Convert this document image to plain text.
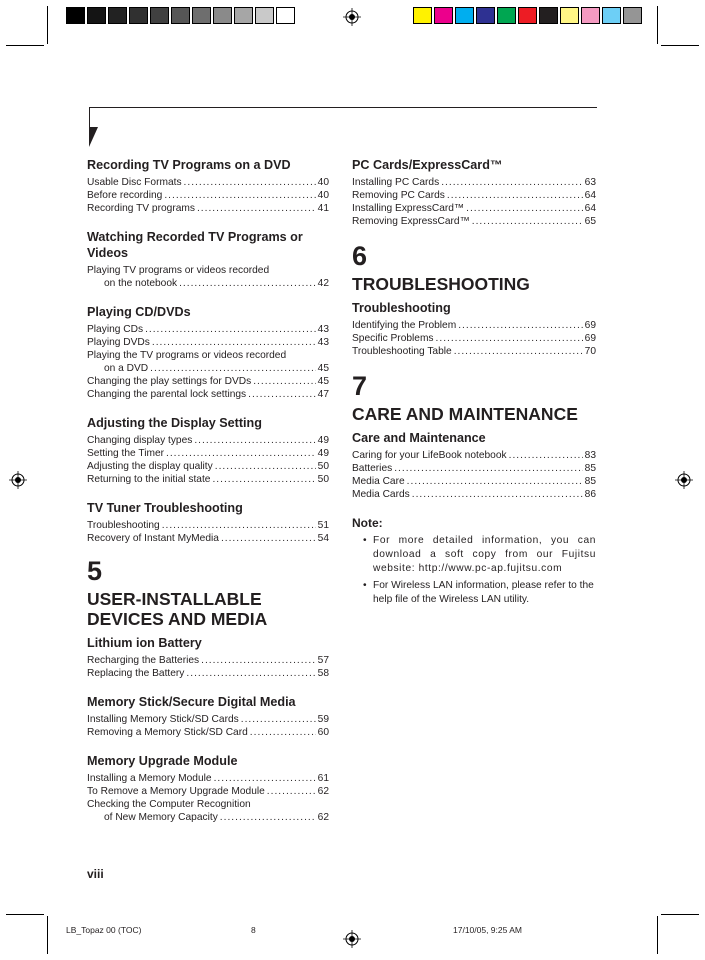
Recording TV Programs on a DVD
Usable Disc Formats .....	40
Before recording .....	40
Recording TV programs .....	41
Watching Recorded TV Programs or Videos
Playing TV programs or videos recorded
on the notebook .....	42
Playing CD/DVDs
Playing CDs .....	43
Playing DVDs .....	43
Playing the TV programs or videos recorded
on a DVD .....	45
Changing the play settings for DVDs .....	45
Changing the parental lock settings .....	47
Adjusting the Display Setting
Changing display types .....	49
Setting the Timer .....	49
Adjusting the display quality .....	50
Returning to the initial state .....	50
TV Tuner Troubleshooting
Troubleshooting .....	51
Recovery of Instant MyMedia .....	54
5
USER-INSTALLABLE DEVICES AND MEDIA
Lithium ion Battery
Recharging the Batteries .....	57
Replacing the Battery .....	58
Memory Stick/Secure Digital Media
Installing Memory Stick/SD Cards .....	59
Removing a Memory Stick/SD Card .....	60
Memory Upgrade Module
Installing a Memory Module .....	61
To Remove a Memory Upgrade Module .....	62
Checking the Computer Recognition
of New Memory Capacity .....	62
PC Cards/ExpressCard™
Installing PC Cards .....	63
Removing PC Cards .....	64
Installing ExpressCard™ .....	64
Removing ExpressCard™ .....	65
6
TROUBLESHOOTING
Troubleshooting
Identifying the Problem .....	69
Specific Problems .....	69
Troubleshooting Table .....	70
7
CARE AND MAINTENANCE
Care and Maintenance
Caring for your LifeBook notebook .....	83
Batteries .....	85
Media Care .....	85
Media Cards .....	86
Note:
• For more detailed information, you can download a soft copy from our Fujitsu website: http://www.pc-ap.fujitsu.com
• For Wireless LAN information, please refer to the help file of the Wireless LAN utility.
viii
LB_Topaz 00 (TOC)	8	17/10/05, 9:25 AM
